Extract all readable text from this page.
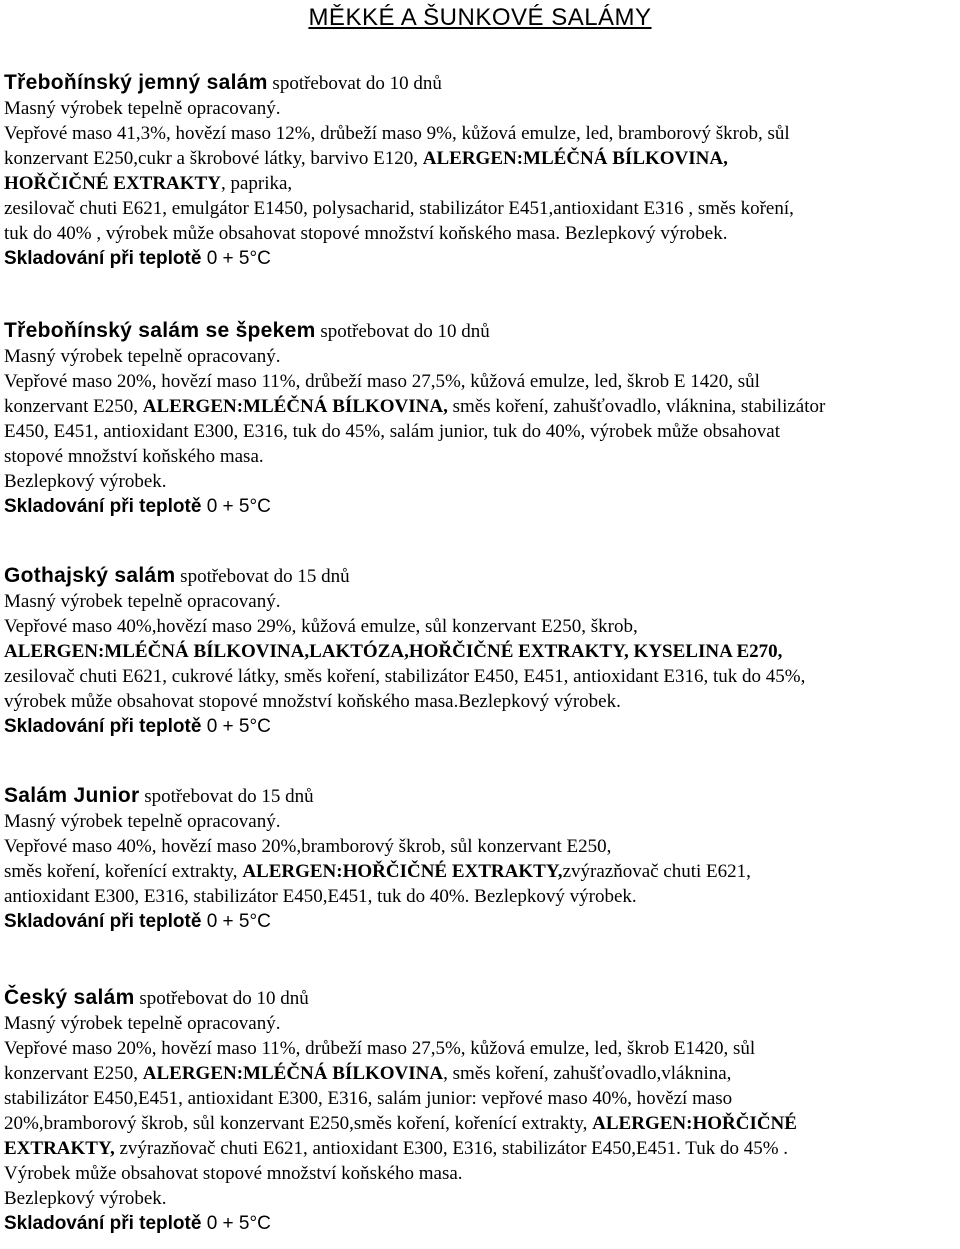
MĚKKÉ A ŠUNKOVÉ SALÁMY
Třeboňínský jemný salám spotřebovat do 10 dnů
Masný výrobek tepelně opracovaný.
Vepřové maso 41,3%, hovězí maso 12%, drůbeží maso 9%, kůžová emulze, led, bramborový škrob, sůl
konzervant E250,cukr a škrobové látky, barvivo E120, ALERGEN:MLÉČNÁ BÍLKOVINA,
HOŘČIČNÉ EXTRAKTY, paprika,
zesilovač chuti E621, emulgátor E1450, polysacharid, stabilizátor E451,antioxidant E316 , směs koření,
tuk do 40% , výrobek může obsahovat stopové množství koňského masa. Bezlepkový výrobek.
Skladování při teplotě 0 + 5°C
Třeboňínský salám se špekem spotřebovat do 10 dnů
Masný výrobek tepelně opracovaný.
Vepřové maso 20%, hovězí maso 11%, drůbeží maso 27,5%, kůžová emulze, led, škrob E 1420, sůl
konzervant E250, ALERGEN:MLÉČNÁ BÍLKOVINA, směs koření, zahušťovadlo, vláknina, stabilizátor
E450, E451, antioxidant E300, E316, tuk do 45%, salám junior, tuk do 40%, výrobek může obsahovat
stopové množství koňského masa.
Bezlepkový výrobek.
Skladování při teplotě 0 + 5°C
Gothajský salám spotřebovat do 15 dnů
Masný výrobek tepelně opracovaný.
Vepřové maso 40%,hovězí maso 29%, kůžová emulze, sůl konzervant E250, škrob,
ALERGEN:MLÉČNÁ BÍLKOVINA,LAKTÓZA,HOŘČIČNÉ EXTRAKTY, KYSELINA E270,
zesilovač chuti E621, cukrové látky, směs koření, stabilizátor E450, E451, antioxidant E316, tuk do 45%,
výrobek může obsahovat stopové množství koňského masa.Bezlepkový výrobek.
Skladování při teplotě 0 + 5°C
Salám Junior spotřebovat do 15 dnů
Masný výrobek tepelně opracovaný.
Vepřové maso 40%, hovězí maso 20%,bramborový škrob, sůl konzervant E250,
směs koření, kořenící extrakty, ALERGEN:HOŘČIČNÉ EXTRAKTY,zvýrazňovač chuti E621,
antioxidant E300, E316, stabilizátor E450,E451, tuk do 40%. Bezlepkový výrobek.
Skladování při teplotě 0 + 5°C
Český salám spotřebovat do 10 dnů
Masný výrobek tepelně opracovaný.
Vepřové maso 20%, hovězí maso 11%, drůbeží maso 27,5%, kůžová emulze, led, škrob E1420, sůl
konzervant E250, ALERGEN:MLÉČNÁ BÍLKOVINA, směs koření, zahušťovadlo,vláknina,
stabilizátor E450,E451, antioxidant E300, E316, salám junior: vepřové maso 40%, hovězí maso
20%,bramborový škrob, sůl konzervant E250,směs koření, kořenící extrakty, ALERGEN:HOŘČIČNÉ
EXTRAKTY, zvýrazňovač chuti E621, antioxidant E300, E316, stabilizátor E450,E451. Tuk do 45% .
Výrobek může obsahovat stopové množství koňského masa.
Bezlepkový výrobek.
Skladování při teplotě 0 + 5°C
